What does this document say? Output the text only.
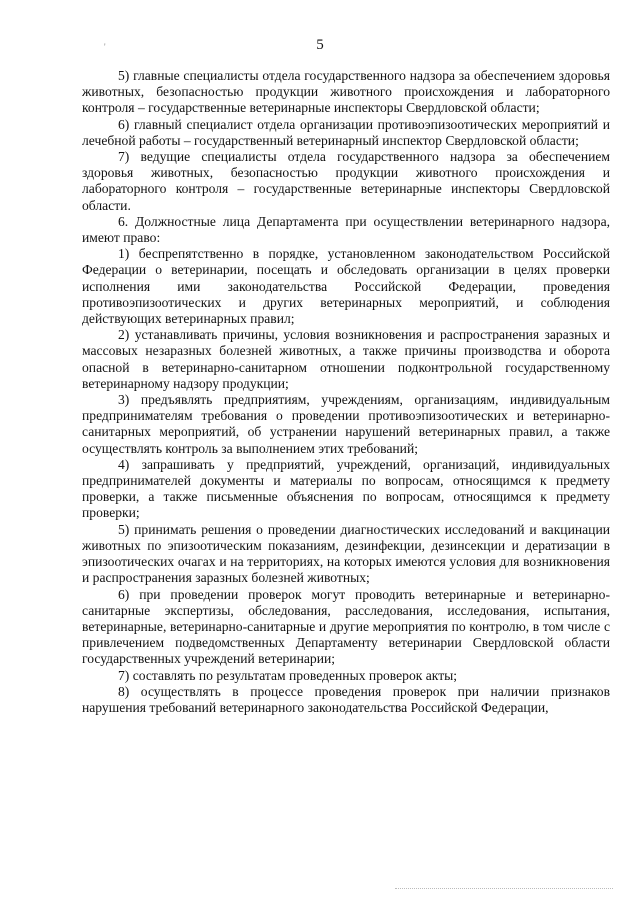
'	5

5) главные специалисты отдела государственного надзора за обеспечением здоровья животных, безопасностью продукции животного происхождения и лабораторного контроля – государственные ветеринарные инспекторы Свердловской области;

6) главный специалист отдела организации противоэпизоотических мероприятий и лечебной работы – государственный ветеринарный инспектор Свердловской области;

7) ведущие специалисты отдела государственного надзора за обеспечением здоровья животных, безопасностью продукции животного происхождения и лабораторного контроля – государственные ветеринарные инспекторы Свердловской области.

6. Должностные лица Департамента при осуществлении ветеринарного надзора, имеют право:

1) беспрепятственно в порядке, установленном законодательством Российской Федерации о ветеринарии, посещать и обследовать организации в целях проверки исполнения ими законодательства Российской Федерации, проведения противоэпизоотических и других ветеринарных мероприятий, и соблюдения действующих ветеринарных правил;

2) устанавливать причины, условия возникновения и распространения заразных и массовых незаразных болезней животных, а также причины производства и оборота опасной в ветеринарно-санитарном отношении подконтрольной государственному ветеринарному надзору продукции;

3) предъявлять предприятиям, учреждениям, организациям, индивидуальным предпринимателям требования о проведении противоэпизоотических и ветеринарно-санитарных мероприятий, об устранении нарушений ветеринарных правил, а также осуществлять контроль за выполнением этих требований;

4) запрашивать у предприятий, учреждений, организаций, индивидуальных предпринимателей документы и материалы по вопросам, относящимся к предмету проверки, а также письменные объяснения по вопросам, относящимся к предмету проверки;

5) принимать решения о проведении диагностических исследований и вакцинации животных по эпизоотическим показаниям, дезинфекции, дезинсекции и дератизации в эпизоотических очагах и на территориях, на которых имеются условия для возникновения и распространения заразных болезней животных;

6) при проведении проверок могут проводить ветеринарные и ветеринарно-санитарные экспертизы, обследования, расследования, исследования, испытания, ветеринарные, ветеринарно-санитарные и другие мероприятия по контролю, в том числе с привлечением подведомственных Департаменту ветеринарии Свердловской области государственных учреждений ветеринарии;

7) составлять по результатам проведенных проверок акты;

8) осуществлять в процессе проведения проверок при наличии признаков нарушения требований ветеринарного законодательства Российской Федерации,
